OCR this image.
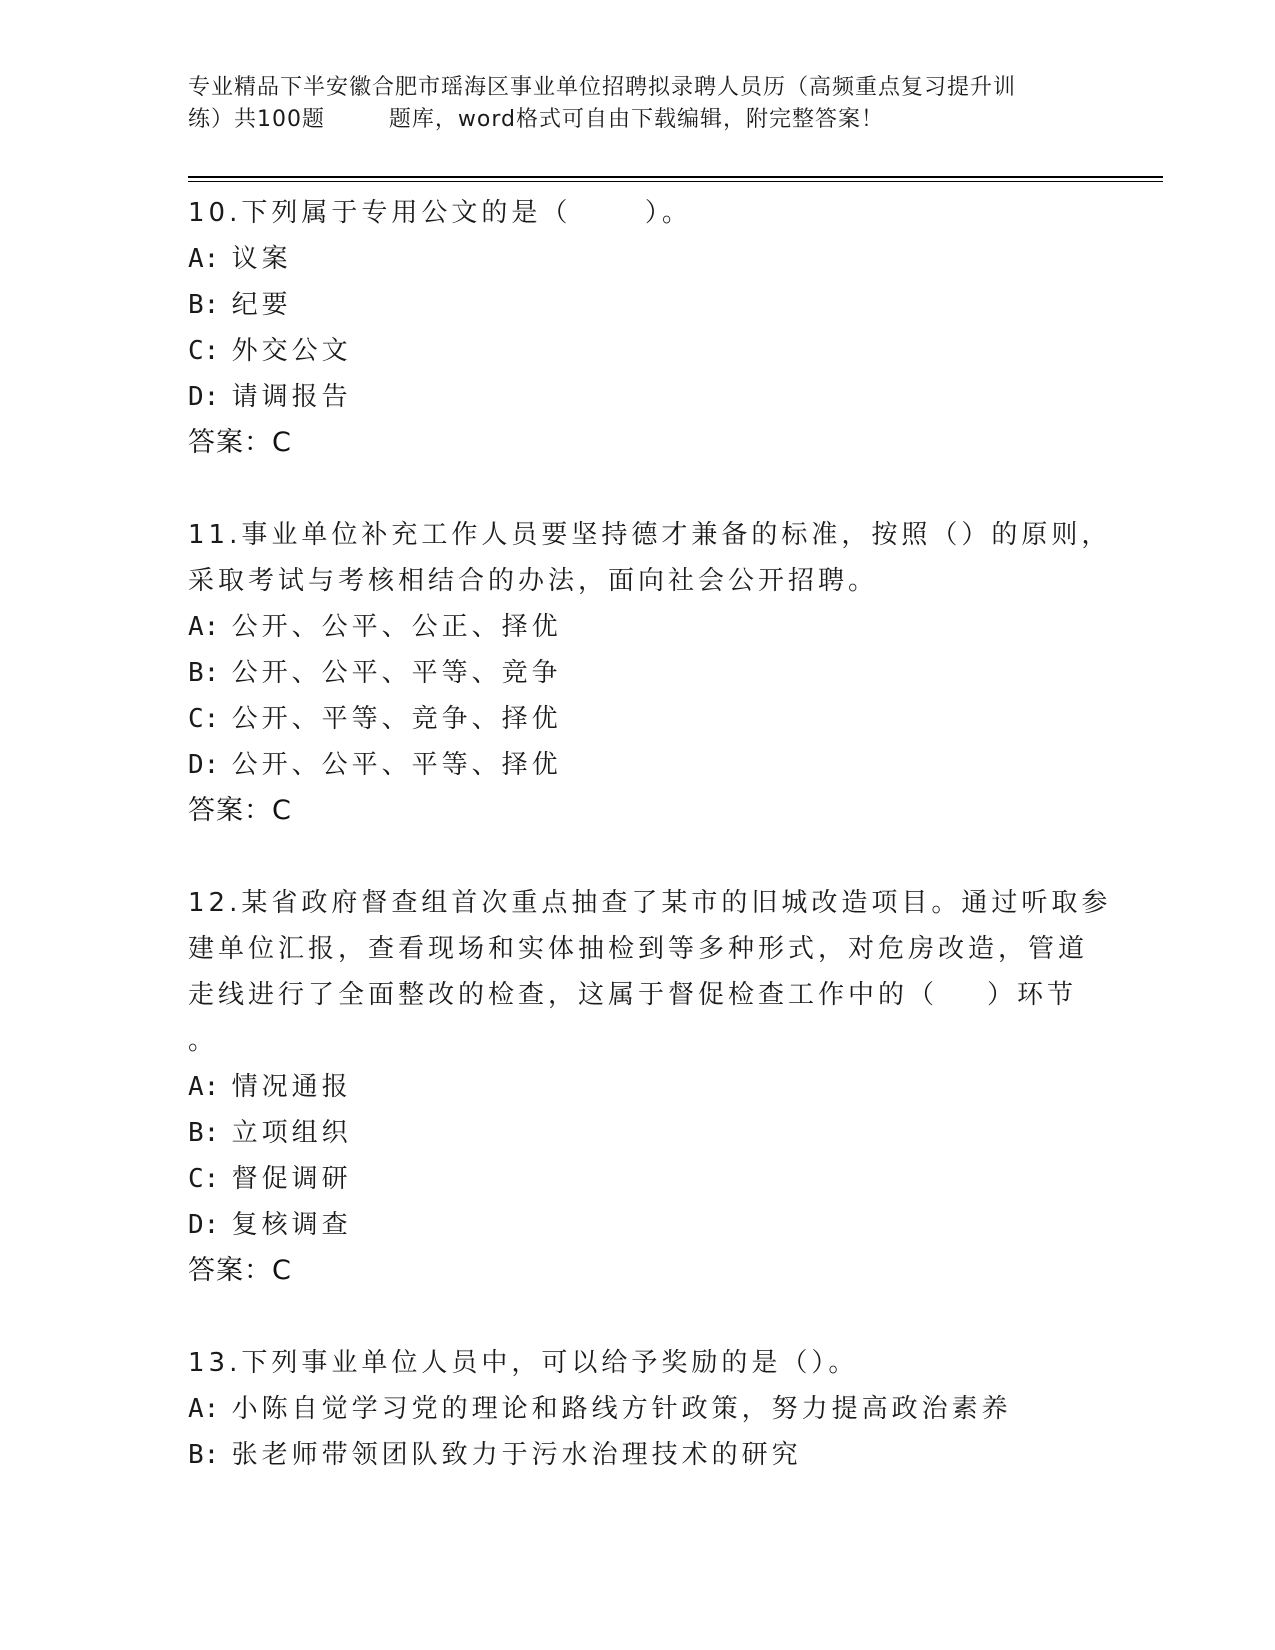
专业精品下半安徽合肥市瑶海区事业单位招聘拟录聘人员历（高频重点复习提升训
练）共100题        题库，word格式可自由下载编辑，附完整答案！
10.下列属于专用公文的是（      ）。
A: 议案
B: 纪要
C: 外交公文
D: 请调报告
答案：C
11.事业单位补充工作人员要坚持德才兼备的标准，按照（）的原则，
采取考试与考核相结合的办法，面向社会公开招聘。
A: 公开、公平、公正、择优
B: 公开、公平、平等、竞争
C: 公开、平等、竞争、择优
D: 公开、公平、平等、择优
答案：C
12.某省政府督查组首次重点抽查了某市的旧城改造项目。通过听取参
建单位汇报，查看现场和实体抽检到等多种形式，对危房改造，管道
走线进行了全面整改的检查，这属于督促检查工作中的（    ）环节
。
A: 情况通报
B: 立项组织
C: 督促调研
D: 复核调查
答案：C
13.下列事业单位人员中，可以给予奖励的是（）。
A: 小陈自觉学习党的理论和路线方针政策，努力提高政治素养
B: 张老师带领团队致力于污水治理技术的研究
